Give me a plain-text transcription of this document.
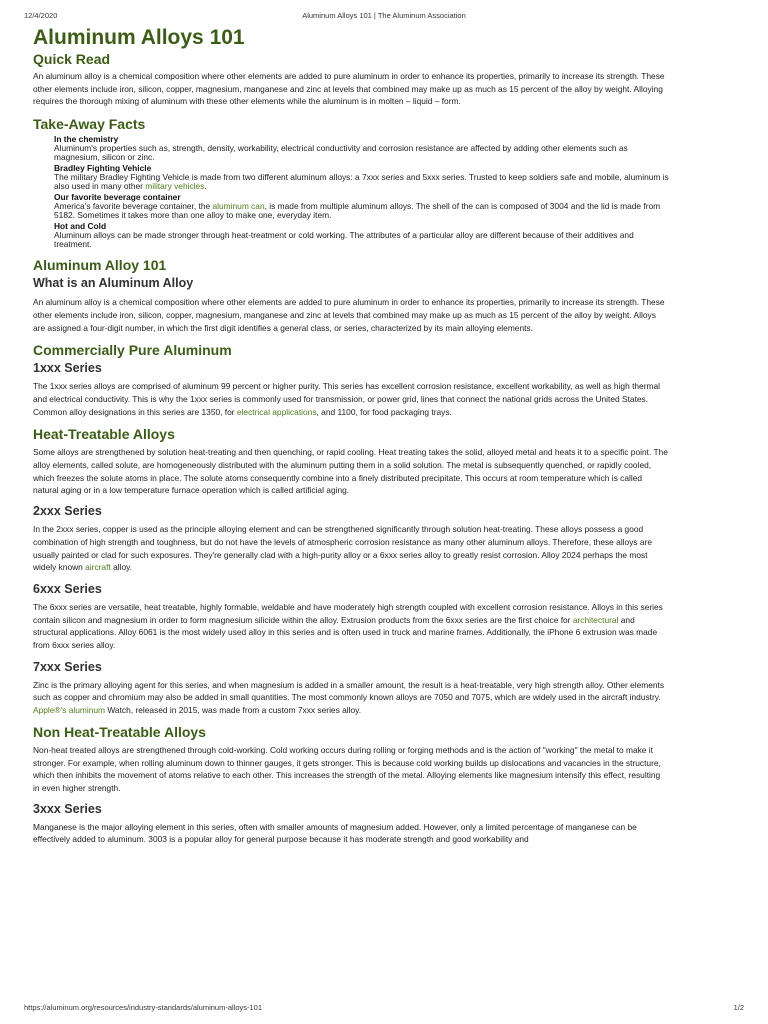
12/4/2020	Aluminum Alloys 101 | The Aluminum Association
Aluminum Alloys 101
Quick Read

An aluminum alloy is a chemical composition where other elements are added to pure aluminum in order to enhance its properties, primarily to increase its strength. These other elements include iron, silicon, copper, magnesium, manganese and zinc at levels that combined may make up as much as 15 percent of the alloy by weight. Alloying requires the thorough mixing of aluminum with these other elements while the aluminum is in molten – liquid – form.

Take-Away Facts
In the chemistry
Aluminum's properties such as, strength, density, workability, electrical conductivity and corrosion resistance are affected by adding other elements such as magnesium, silicon or zinc.
Bradley Fighting Vehicle
The military Bradley Fighting Vehicle is made from two different aluminum alloys: a 7xxx series and 5xxx series. Trusted to keep soldiers safe and mobile, aluminum is also used in many other military vehicles.
Our favorite beverage container
America's favorite beverage container, the aluminum can, is made from multiple aluminum alloys. The shell of the can is composed of 3004 and the lid is made from 5182. Sometimes it takes more than one alloy to make one, everyday item.
Hot and Cold
Aluminum alloys can be made stronger through heat-treatment or cold working. The attributes of a particular alloy are different because of their additives and treatment.
Aluminum Alloy 101
What is an Aluminum Alloy

An aluminum alloy is a chemical composition where other elements are added to pure aluminum in order to enhance its properties, primarily to increase its strength. These other elements include iron, silicon, copper, magnesium, manganese and zinc at levels that combined may make up as much as 15 percent of the alloy by weight. Alloys are assigned a four-digit number, in which the first digit identifies a general class, or series, characterized by its main alloying elements.

Commercially Pure Aluminum
1xxx Series

The 1xxx series alloys are comprised of aluminum 99 percent or higher purity. This series has excellent corrosion resistance, excellent workability, as well as high thermal and electrical conductivity. This is why the 1xxx series is commonly used for transmission, or power grid, lines that connect the national grids across the United States. Common alloy designations in this series are 1350, for electrical applications, and 1100, for food packaging trays.

Heat-Treatable Alloys

Some alloys are strengthened by solution heat-treating and then quenching, or rapid cooling. Heat treating takes the solid, alloyed metal and heats it to a specific point. The alloy elements, called solute, are homogeneously distributed with the aluminum putting them in a solid solution. The metal is subsequently quenched, or rapidly cooled, which freezes the solute atoms in place. The solute atoms consequently combine into a finely distributed precipitate. This occurs at room temperature which is called natural aging or in a low temperature furnace operation which is called artificial aging.

2xxx Series

In the 2xxx series, copper is used as the principle alloying element and can be strengthened significantly through solution heat-treating. These alloys possess a good combination of high strength and toughness, but do not have the levels of atmospheric corrosion resistance as many other aluminum alloys. Therefore, these alloys are usually painted or clad for such exposures. They're generally clad with a high-purity alloy or a 6xxx series alloy to greatly resist corrosion. Alloy 2024 perhaps the most widely known aircraft alloy.

6xxx Series

The 6xxx series are versatile, heat treatable, highly formable, weldable and have moderately high strength coupled with excellent corrosion resistance. Alloys in this series contain silicon and magnesium in order to form magnesium silicide within the alloy. Extrusion products from the 6xxx series are the first choice for architectural and structural applications. Alloy 6061 is the most widely used alloy in this series and is often used in truck and marine frames. Additionally, the iPhone 6 extrusion was made from 6xxx series alloy.

7xxx Series

Zinc is the primary alloying agent for this series, and when magnesium is added in a smaller amount, the result is a heat-treatable, very high strength alloy. Other elements such as copper and chromium may also be added in small quantities. The most commonly known alloys are 7050 and 7075, which are widely used in the aircraft industry. Apple®'s aluminum Watch, released in 2015, was made from a custom 7xxx series alloy.

Non Heat-Treatable Alloys

Non-heat treated alloys are strengthened through cold-working. Cold working occurs during rolling or forging methods and is the action of "working" the metal to make it stronger. For example, when rolling aluminum down to thinner gauges, it gets stronger. This is because cold working builds up dislocations and vacancies in the structure, which then inhibits the movement of atoms relative to each other. This increases the strength of the metal. Alloying elements like magnesium intensify this effect, resulting in even higher strength.

3xxx Series

Manganese is the major alloying element in this series, often with smaller amounts of magnesium added. However, only a limited percentage of manganese can be effectively added to aluminum. 3003 is a popular alloy for general purpose because it has moderate strength and good workability and

https://aluminum.org/resources/industry-standards/aluminum-alloys-101	1/2
